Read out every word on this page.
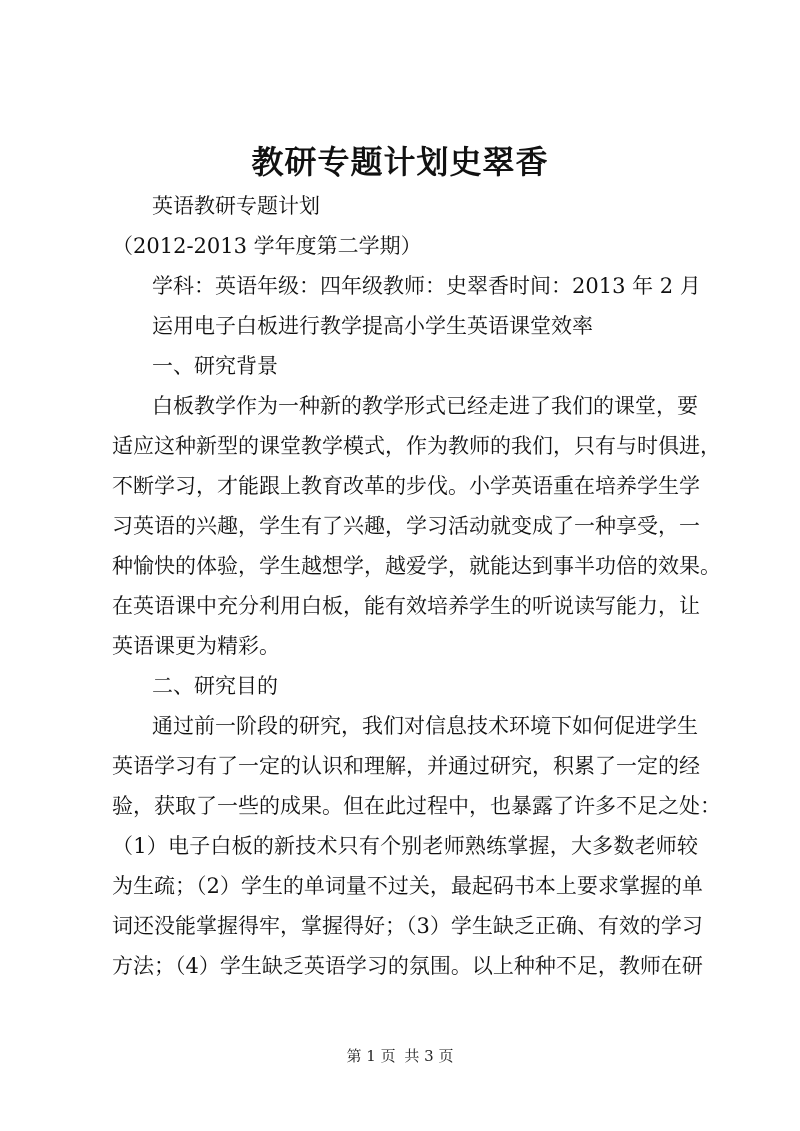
教研专题计划史翠香
英语教研专题计划
（2012-2013 学年度第二学期）
学科：英语年级：四年级教师：史翠香时间：2013 年 2 月
运用电子白板进行教学提高小学生英语课堂效率
一、研究背景
白板教学作为一种新的教学形式已经走进了我们的课堂，要
适应这种新型的课堂教学模式，作为教师的我们，只有与时俱进，
不断学习，才能跟上教育改革的步伐。小学英语重在培养学生学
习英语的兴趣，学生有了兴趣，学习活动就变成了一种享受，一
种愉快的体验，学生越想学，越爱学，就能达到事半功倍的效果。
在英语课中充分利用白板，能有效培养学生的听说读写能力，让
英语课更为精彩。
二、研究目的
通过前一阶段的研究，我们对信息技术环境下如何促进学生
英语学习有了一定的认识和理解，并通过研究，积累了一定的经
验，获取了一些的成果。但在此过程中，也暴露了许多不足之处：
（1）电子白板的新技术只有个别老师熟练掌握，大多数老师较
为生疏；（2）学生的单词量不过关，最起码书本上要求掌握的单
词还没能掌握得牢，掌握得好；（3）学生缺乏正确、有效的学习
方法；（4）学生缺乏英语学习的氛围。以上种种不足，教师在研
第 1 页 共 3 页
